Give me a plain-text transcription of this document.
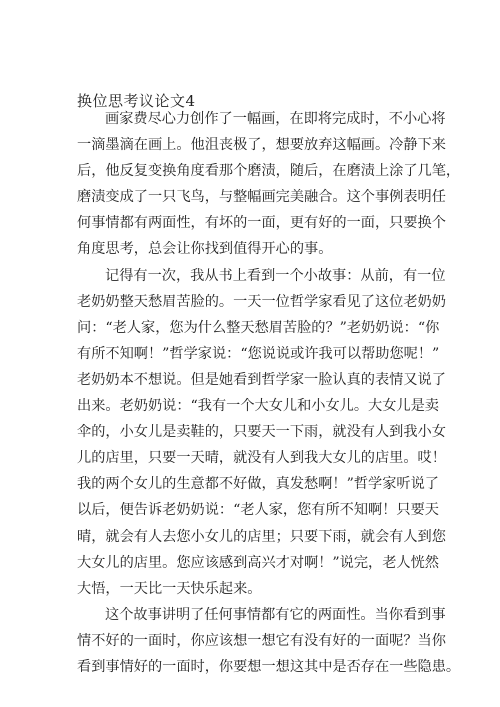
换位思考议论文4
画家费尽心力创作了一幅画，在即将完成时，不小心将
一滴墨滴在画上。他沮丧极了，想要放弃这幅画。冷静下来
后，他反复变换角度看那个磨渍，随后，在磨渍上涂了几笔，
磨渍变成了一只飞鸟，与整幅画完美融合。这个事例表明任
何事情都有两面性，有坏的一面，更有好的一面，只要换个
角度思考，总会让你找到值得开心的事。
记得有一次，我从书上看到一个小故事：从前，有一位
老奶奶整天愁眉苦脸的。一天一位哲学家看见了这位老奶奶
问：“老人家，您为什么整天愁眉苦脸的？”老奶奶说：“你
有所不知啊！”哲学家说：“您说说或许我可以帮助您呢！”
老奶奶本不想说。但是她看到哲学家一脸认真的表情又说了
出来。老奶奶说：“我有一个大女儿和小女儿。大女儿是卖
伞的，小女儿是卖鞋的，只要天一下雨，就没有人到我小女
儿的店里，只要一天晴，就没有人到我大女儿的店里。哎！
我的两个女儿的生意都不好做，真发愁啊！”哲学家听说了
以后，便告诉老奶奶说：“老人家，您有所不知啊！只要天
晴，就会有人去您小女儿的店里；只要下雨，就会有人到您
大女儿的店里。您应该感到高兴才对啊！”说完，老人恍然
大悟，一天比一天快乐起来。
这个故事讲明了任何事情都有它的两面性。当你看到事
情不好的一面时，你应该想一想它有没有好的一面呢？当你
看到事情好的一面时，你要想一想这其中是否存在一些隐患。
